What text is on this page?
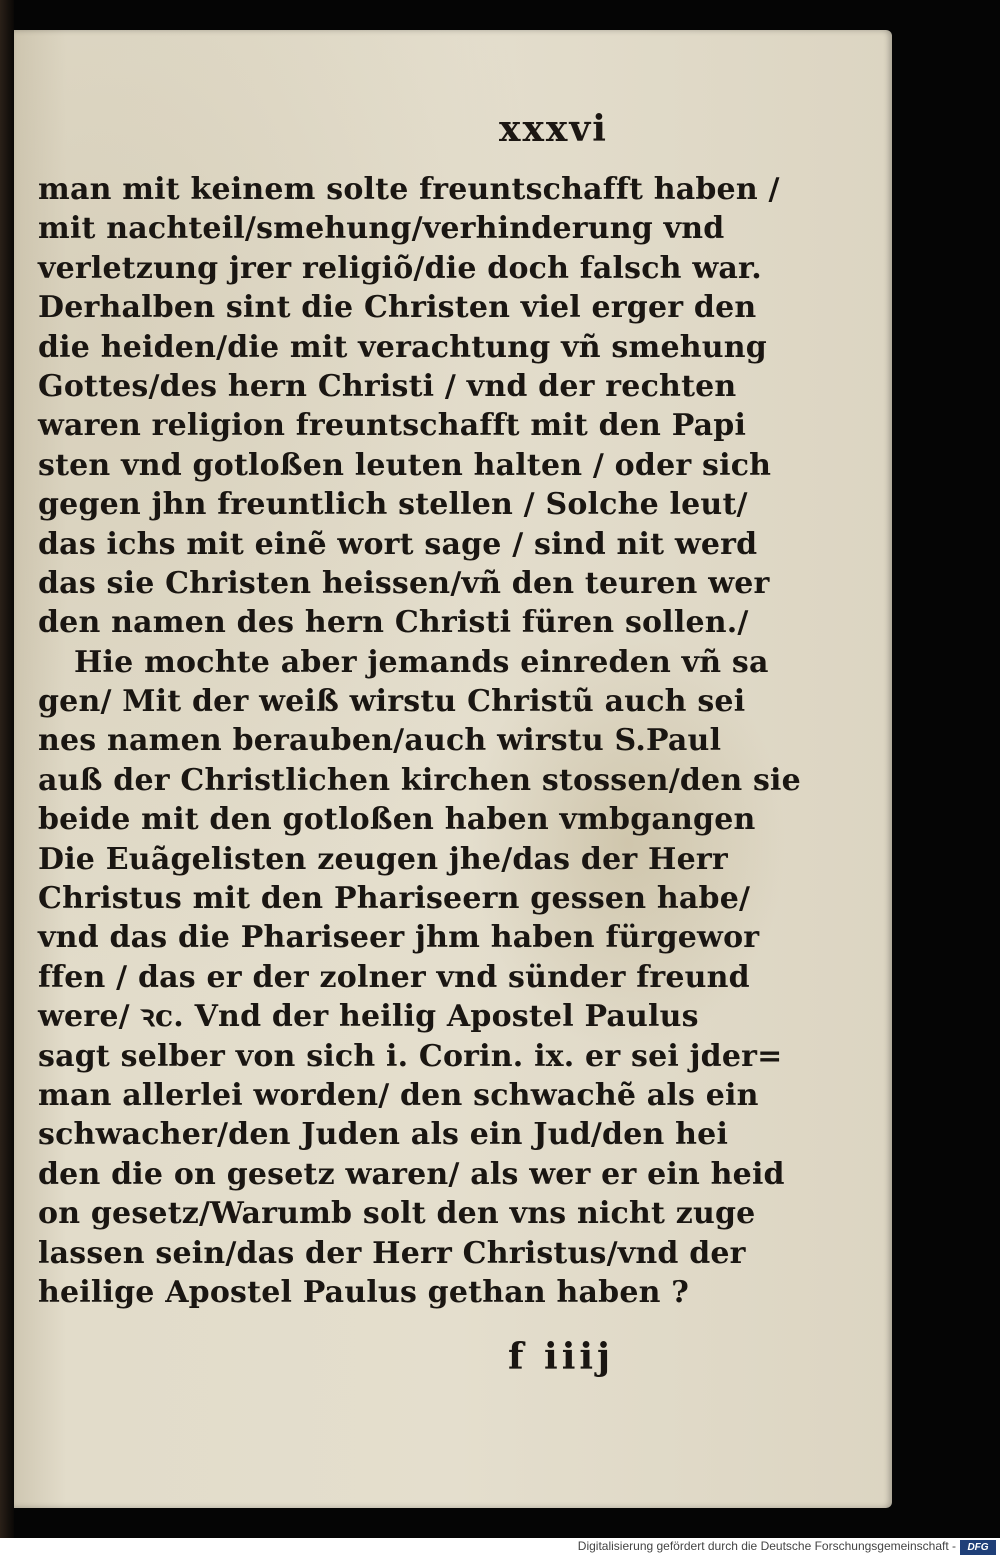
xxxvi
man mit keinem solte freuntschafft haben /
mit nachteil/smehung/verhinderung vnd
verletzung jrer religiõ/die doch falsch war.
Derhalben sint die Christen viel erger den
die heiden/die mit verachtung vñ smehung
Gottes/des hern Christi / vnd der rechten
waren religion freuntschafft mit den Papi
sten vnd gotloßen leuten halten / oder sich
gegen jhn freuntlich stellen / Solche leut/
das ichs mit einẽ wort sage / sind nit werd
das sie Christen heissen/vñ den teuren wer
den namen des hern Christi füren sollen./
Hie mochte aber jemands einreden vñ sa
gen/ Mit der weiß wirstu Christũ auch sei
nes namen berauben/auch wirstu S.Paul
auß der Christlichen kirchen stossen/den sie
beide mit den gotloßen haben vmbgangen
Die Euãgelisten zeugen jhe/das der Herr
Christus mit den Phariseern gessen habe/
vnd das die Phariseer jhm haben fürgewor
ffen / das er der zolner vnd sünder freund
were/ ꝛc. Vnd der heilig Apostel Paulus
sagt selber von sich i. Corin. ix. er sei jder=
man allerlei worden/ den schwachẽ als ein
schwacher/den Juden als ein Jud/den hei
den die on gesetz waren/ als wer er ein heid
on gesetz/Warumb solt den vns nicht zuge
lassen sein/das der Herr Christus/vnd der
heilige Apostel Paulus gethan haben ?
f iiij
Digitalisierung gefördert durch die Deutsche Forschungsgemeinschaft -	DFG
